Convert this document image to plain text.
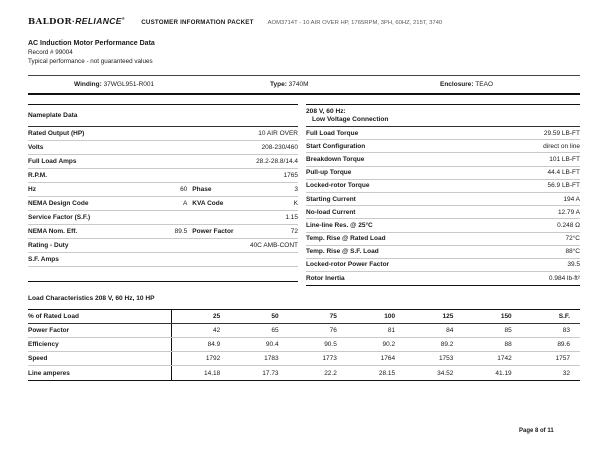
BALDOR·RELIANCE®
CUSTOMER INFORMATION PACKET AOM3714T - 10 AIR OVER HP, 1765RPM, 3PH, 60HZ, 215T, 3740
AC Induction Motor Performance Data
Record # 99004
Typical performance - not guaranteed values
Winding: 37WGL951-R001	Type: 3740M	Enclosure: TEAO
Nameplate Data
Rated Output (HP)	10 AIR OVER
Volts	208-230/460
Full Load Amps	28.2-28.8/14.4
R.P.M.	1765
Hz	60 Phase	3
NEMA Design Code	A KVA Code	K
Service Factor (S.F.)	1.15
NEMA Nom. Eff.	89.5 Power Factor	72
Rating - Duty	40C AMB-CONT
S.F. Amps
208 V, 60 Hz:
Low Voltage Connection
Full Load Torque	29.59 LB-FT
Start Configuration	direct on line
Breakdown Torque	101 LB-FT
Pull-up Torque	44.4 LB-FT
Locked-rotor Torque	56.9 LB-FT
Starting Current	194 A
No-load Current	12.79 A
Line-line Res. @ 25°C	0.248 Ω
Temp. Rise @ Rated Load	72°C
Temp. Rise @ S.F. Load	88°C
Locked-rotor Power Factor	39.5
Rotor Inertia	0.984 lb-ft²
Load Characteristics 208 V, 60 Hz, 10 HP
% of Rated Load	25	50	75	100	125	150	S.F.
Power Factor	42	65	76	81	84	85	83
Efficiency	84.9	90.4	90.5	90.2	89.2	88	89.6
Speed	1792	1783	1773	1764	1753	1742	1757
Line amperes	14.18	17.73	22.2	28.15	34.52	41.19	32
Page 8 of 11
